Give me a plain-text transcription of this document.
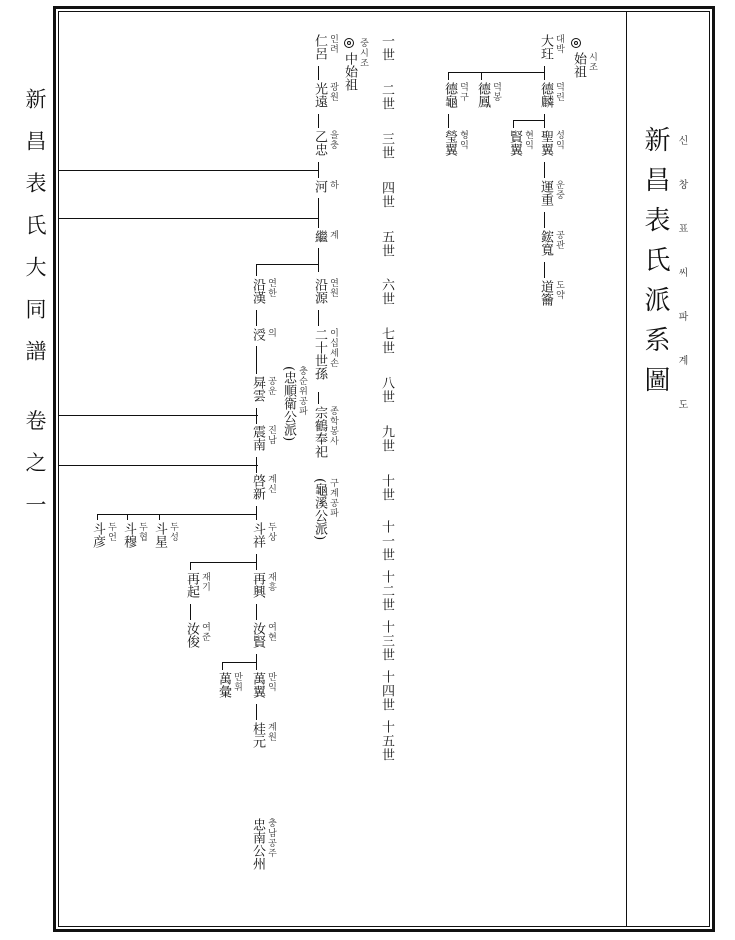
新昌表氏大同譜 卷之一	新昌表氏派系圖 신창표씨파계도
一世
二世
三世
四世
五世
六世
七世
八世
九世
十世
十一世
十二世
十三世
十四世
十五世
大玨 대박
始祖 시조
德麟 덕린
德鳳 덕봉
德龜 덕구
聖翼 성익
賢翼 현익
瑩翼 형익
運重 운중
鋐寬 공관
道籥 도약
中始祖 중시조
仁呂 인려
光遠 광원
乙忠 을충
河 하
繼 계
沿源 연원
二十世孫 이십세손
宗鶴奉祀 종학봉사
(龜溪公派) 구계공파
沿漢 연한
涭 의
曻雲 공운 (忠順衛公派) 충순위공파
震南 진남
啓新 계신
斗祥 두상
斗星 두성
斗穆 두협
斗彦 두언
再興 재흥
再起 재기
汝賢 여현
汝俊 여준
萬翼 만익
萬彙 만휘
桂元 계원
忠南公州 충남공주
